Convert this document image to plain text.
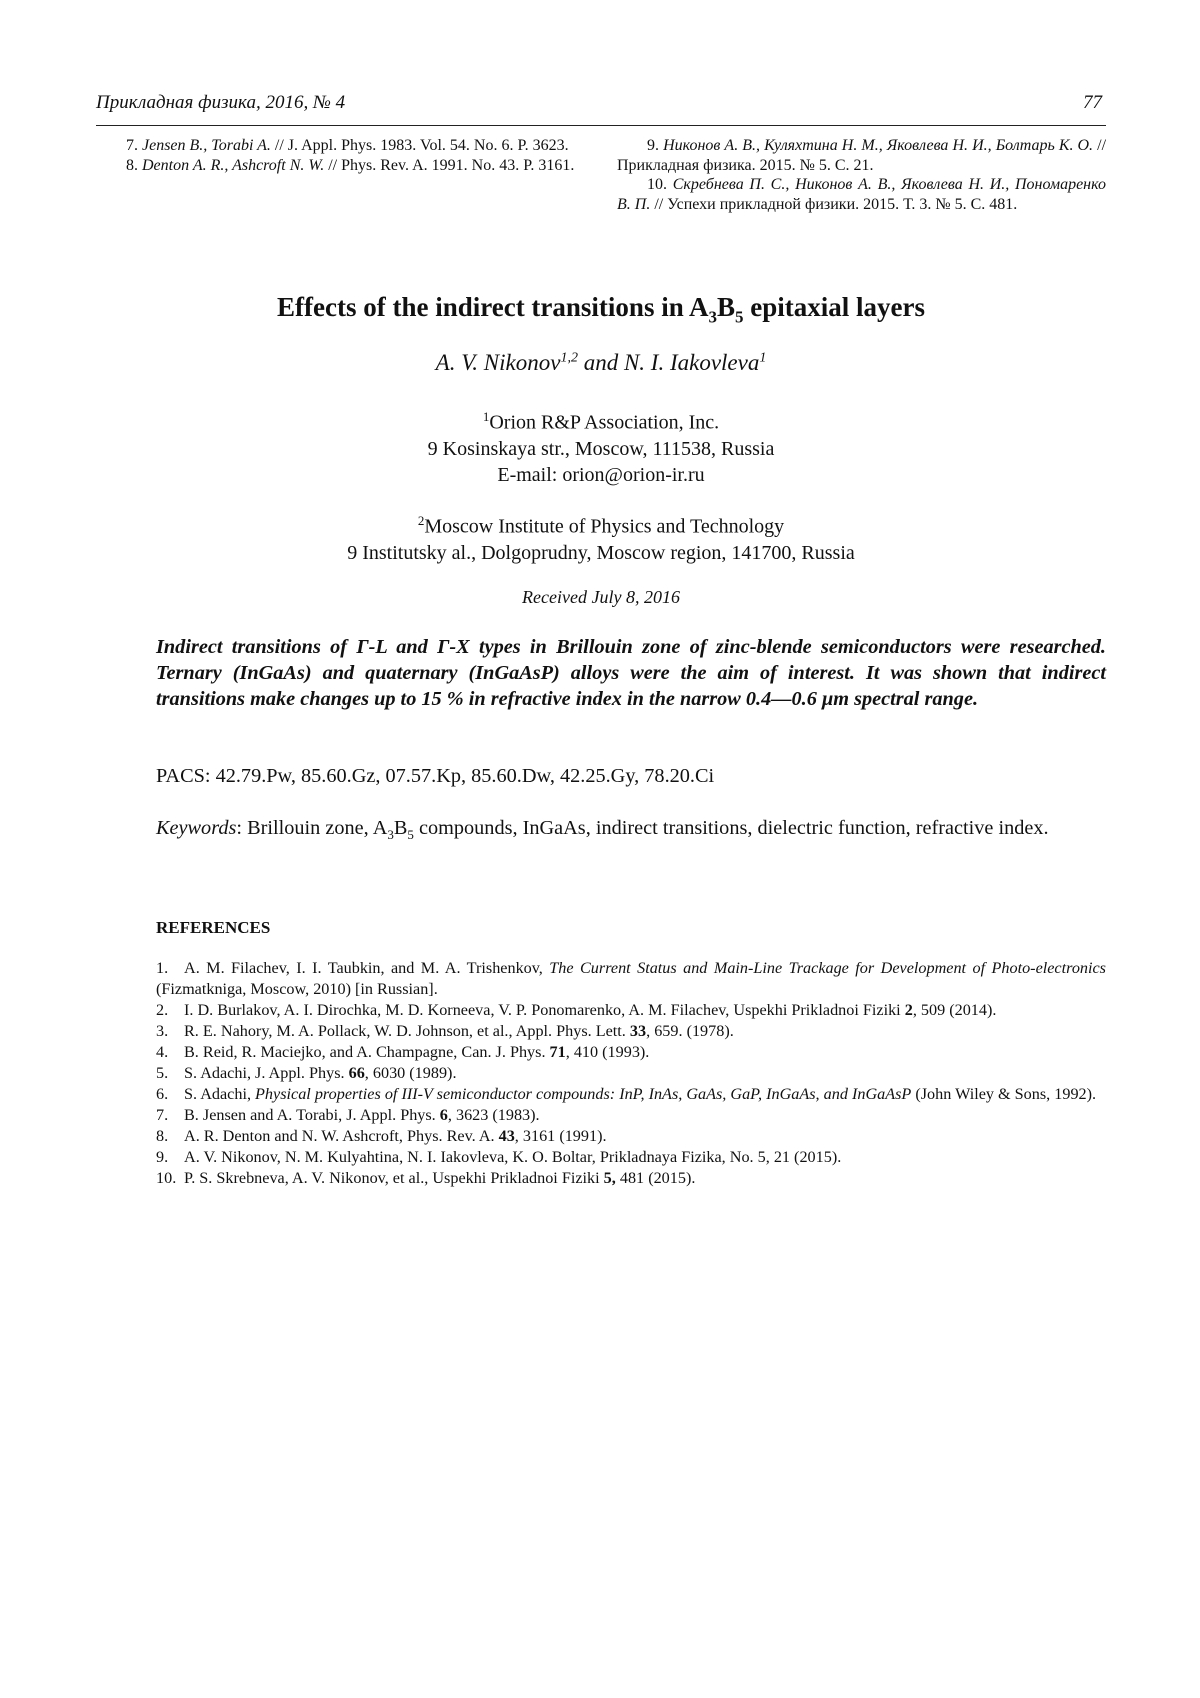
Прикладная физика, 2016, № 4	77

7. Jensen B., Torabi A. // J. Appl. Phys. 1983. Vol. 54. No. 6. P. 3623.

8. Denton A. R., Ashcroft N. W. // Phys. Rev. A. 1991. No. 43. P. 3161.

9. Никонов А. В., Куляхтина Н. М., Яковлева Н. И., Болтарь К. О. // Прикладная физика. 2015. № 5. С. 21.

10. Скребнева П. С., Никонов А. В., Яковлева Н. И., Пономаренко В. П. // Успехи прикладной физики. 2015. Т. 3. № 5. С. 481.

Effects of the indirect transitions in $A_3B_5$ epitaxial layers
A. V. Nikonov$^{1,2}$ and N. I. Iakovleva$^1$
$^1$Orion R&P Association, Inc.
9 Kosinskaya str., Moscow, 111538, Russia
E-mail: orion@orion-ir.ru
$^2$Moscow Institute of Physics and Technology
9 Institutsky al., Dolgoprudny, Moscow region, 141700, Russia
Received July 8, 2016
Indirect transitions of Γ-L and Γ-X types in Brillouin zone of zinc-blende semiconductors were researched. Ternary (InGaAs) and quaternary (InGaAsP) alloys were the aim of interest. It was shown that indirect transitions make changes up to 15 % in refractive index in the narrow 0.4—0.6 μm spectral range.
PACS: 42.79.Pw, 85.60.Gz, 07.57.Kp, 85.60.Dw, 42.25.Gy, 78.20.Ci
Keywords: Brillouin zone, $A_3B_5$ compounds, InGaAs, indirect transitions, dielectric function, refractive index.
REFERENCES

1. A. M. Filachev, I. I. Taubkin, and M. A. Trishenkov, The Current Status and Main-Line Trackage for Development of Photo-electronics (Fizmatkniga, Moscow, 2010) [in Russian].

2. I. D. Burlakov, A. I. Dirochka, M. D. Korneeva, V. P. Ponomarenko, A. M. Filachev, Uspekhi Prikladnoi Fiziki 2, 509 (2014).

3. R. E. Nahory, M. A. Pollack, W. D. Johnson, et al., Appl. Phys. Lett. 33, 659. (1978).

4. B. Reid, R. Maciejko, and A. Champagne, Can. J. Phys. 71, 410 (1993).

5. S. Adachi, J. Appl. Phys. 66, 6030 (1989).

6. S. Adachi, Physical properties of III-V semiconductor compounds: InP, InAs, GaAs, GaP, InGaAs, and InGaAsP (John Wiley & Sons, 1992).

7. B. Jensen and A. Torabi, J. Appl. Phys. 6, 3623 (1983).

8. A. R. Denton and N. W. Ashcroft, Phys. Rev. A. 43, 3161 (1991).

9. A. V. Nikonov, N. M. Kulyahtina, N. I. Iakovleva, K. O. Boltar, Prikladnaya Fizika, No. 5, 21 (2015).

10. P. S. Skrebneva, A. V. Nikonov, et al., Uspekhi Prikladnoi Fiziki 5, 481 (2015).
